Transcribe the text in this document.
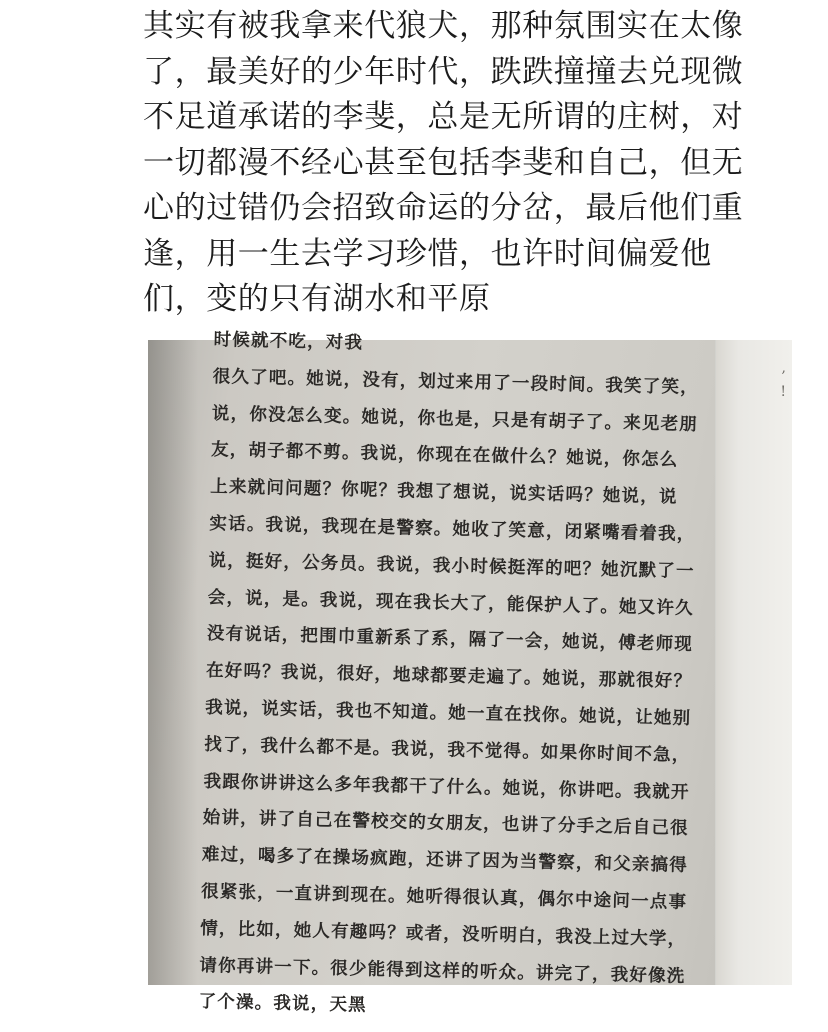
其实有被我拿来代狼犬，那种氛围实在太像
了，最美好的少年时代，跌跌撞撞去兑现微
不足道承诺的李斐，总是无所谓的庄树，对
一切都漫不经心甚至包括李斐和自己，但无
心的过错仍会招致命运的分岔，最后他们重
逢，用一生去学习珍惜，也许时间偏爱他
们，变的只有湖水和平原
时候就不吃，对我
很久了吧。她说，没有，划过来用了一段时间。我笑了笑，
说，你没怎么变。她说，你也是，只是有胡子了。来见老朋
友，胡子都不剪。我说，你现在在做什么？她说，你怎么
上来就问问题？你呢？我想了想说，说实话吗？她说，说
实话。我说，我现在是警察。她收了笑意，闭紧嘴看着我，
说，挺好，公务员。我说，我小时候挺浑的吧？她沉默了一
会，说，是。我说，现在我长大了，能保护人了。她又许久
没有说话，把围巾重新系了系，隔了一会，她说，傅老师现
在好吗？我说，很好，地球都要走遍了。她说，那就很好？
我说，说实话，我也不知道。她一直在找你。她说，让她别
找了，我什么都不是。我说，我不觉得。如果你时间不急，
我跟你讲讲这么多年我都干了什么。她说，你讲吧。我就开
始讲，讲了自己在警校交的女朋友，也讲了分手之后自己很
难过，喝多了在操场疯跑，还讲了因为当警察，和父亲搞得
很紧张，一直讲到现在。她听得很认真，偶尔中途问一点事
情，比如，她人有趣吗？或者，没听明白，我没上过大学，
请你再讲一下。很少能得到这样的听众。讲完了，我好像洗
了个澡。我说，天黑
,
!
